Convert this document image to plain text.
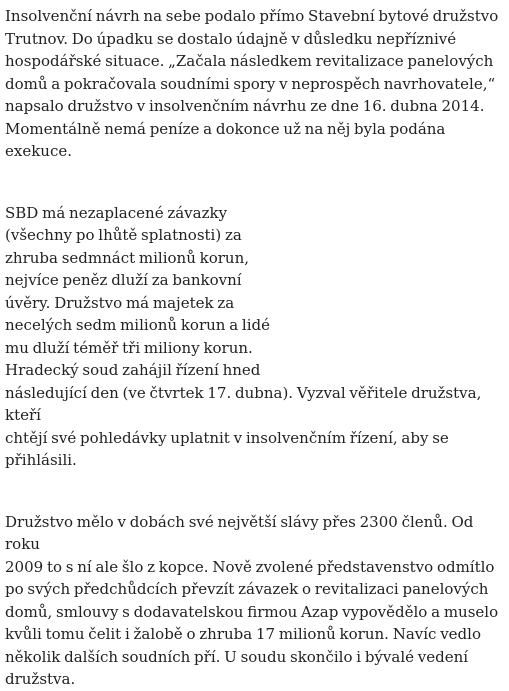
Insolvenční návrh na sebe podalo přímo Stavební bytové družstvo
Trutnov. Do úpadku se dostalo údajně v důsledku nepříznivé
hospodářské situace. „Začala následkem revitalizace panelových
domů a pokračovala soudními spory v neprospěch navrhovatele,“
napsalo družstvo v insolvenčním návrhu ze dne 16. dubna 2014.
Momentálně nemá peníze a dokonce už na něj byla podána
exekuce.

SBD má nezaplacené závazky
(všechny po lhůtě splatnosti) za
zhruba sedmnáct milionů korun,
nejvíce peněz dluží za bankovní
úvěry. Družstvo má majetek za
necelých sedm milionů korun a lidé
mu dluží téměř tři miliony korun.
Hradecký soud zahájil řízení hned
následující den (ve čtvrtek 17. dubna). Vyzval věřitele družstva, kteří
chtějí své pohledávky uplatnit v insolvenčním řízení, aby se
přihlásili.

Družstvo mělo v dobách své největší slávy přes 2300 členů. Od roku
2009 to s ní ale šlo z kopce. Nově zvolené představenstvo odmítlo
po svých předchůdcích převzít závazek o revitalizaci panelových
domů, smlouvy s dodavatelskou firmou Azap vypovědělo a muselo
kvůli tomu čelit i žalobě o zhruba 17 milionů korun. Navíc vedlo
několik dalších soudních pří. U soudu skončilo i bývalé vedení
družstva.
